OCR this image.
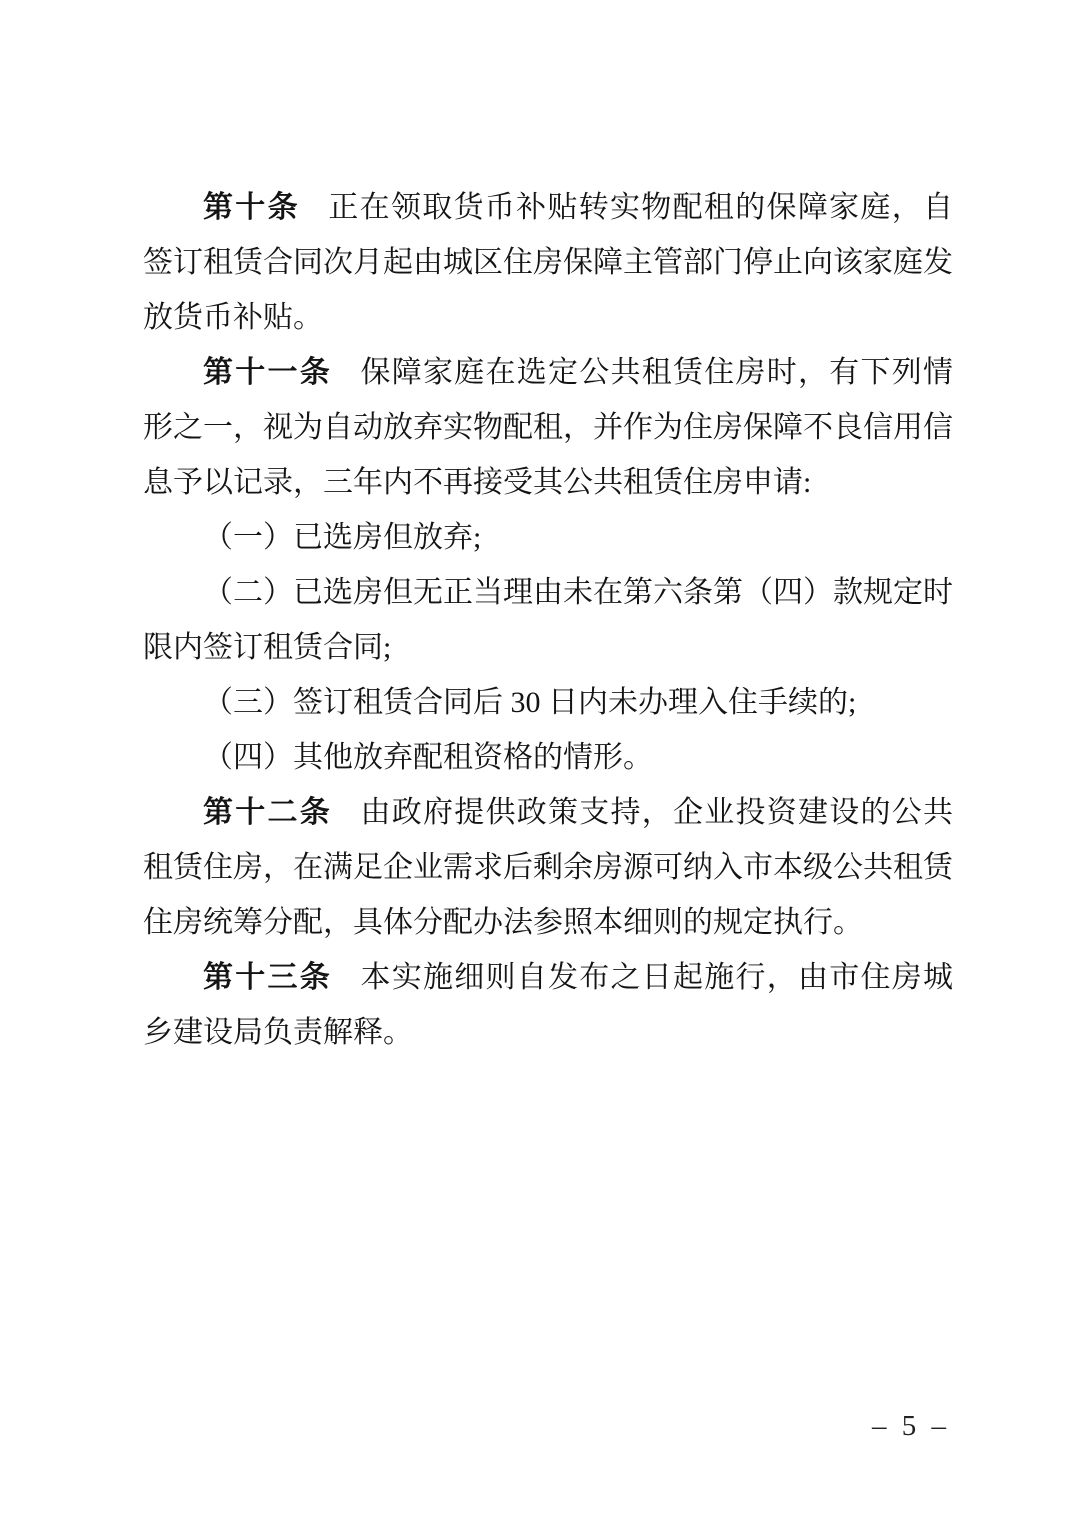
第十条 正在领取货币补贴转实物配租的保障家庭，自签订租赁合同次月起由城区住房保障主管部门停止向该家庭发放货币补贴。

第十一条 保障家庭在选定公共租赁住房时，有下列情形之一，视为自动放弃实物配租，并作为住房保障不良信用信息予以记录，三年内不再接受其公共租赁住房申请:

（一）已选房但放弃;

（二）已选房但无正当理由未在第六条第（四）款规定时限内签订租赁合同;

（三）签订租赁合同后 30 日内未办理入住手续的;

（四）其他放弃配租资格的情形。

第十二条 由政府提供政策支持，企业投资建设的公共租赁住房，在满足企业需求后剩余房源可纳入市本级公共租赁住房统筹分配，具体分配办法参照本细则的规定执行。

第十三条 本实施细则自发布之日起施行，由市住房城乡建设局负责解释。

– 5 –
